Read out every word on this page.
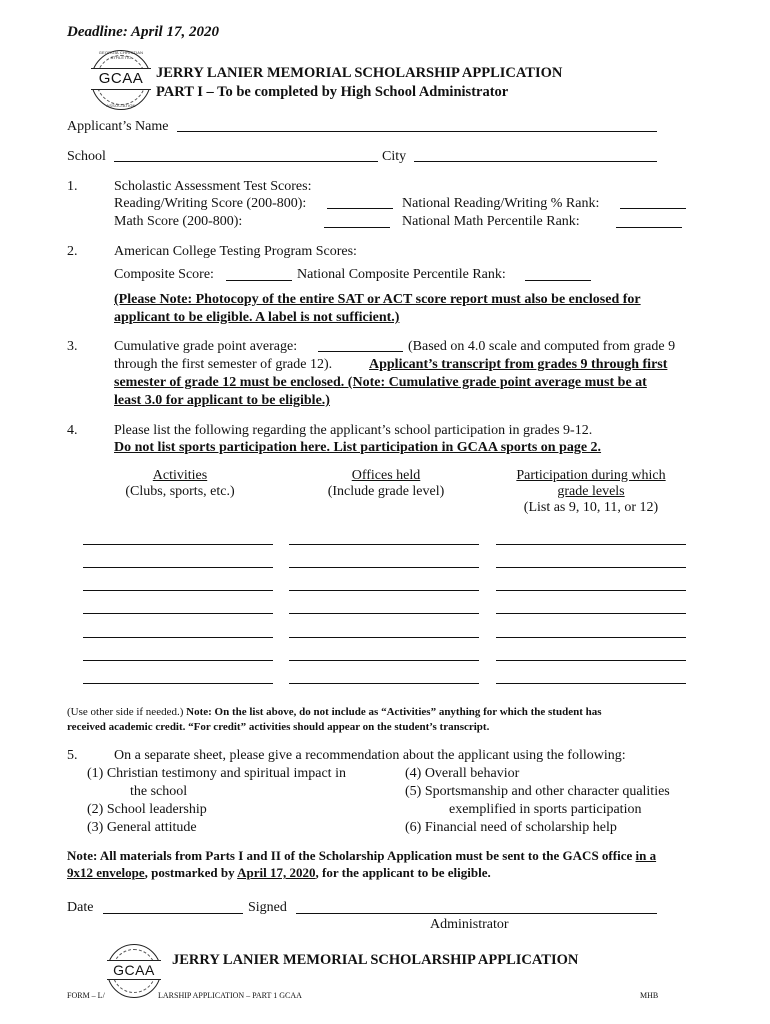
Deadline: April 17, 2020
GEORGIA CHRISTIAN ATHLETIC
GCAA
ASSOCIATION
JERRY LANIER MEMORIAL SCHOLARSHIP APPLICATION
PART I – To be completed by High School Administrator
Applicant’s Name
School	City
1.	Scholastic Assessment Test Scores:
Reading/Writing Score (200-800):	National Reading/Writing % Rank:
Math Score (200-800):	National Math Percentile Rank:
2.	American College Testing Program Scores:
Composite Score:	National Composite Percentile Rank:
(Please Note: Photocopy of the entire SAT or ACT score report must also be enclosed for
applicant to be eligible. A label is not sufficient.)
3.	Cumulative grade point average:	(Based on 4.0 scale and computed from grade 9
through the first semester of grade 12).	Applicant’s transcript from grades 9 through first
semester of grade 12 must be enclosed. (Note: Cumulative grade point average must be at
least 3.0 for applicant to be eligible.)
4.	Please list the following regarding the applicant’s school participation in grades 9-12.
Do not list sports participation here. List participation in GCAA sports on page 2.
Activities
(Clubs, sports, etc.)
Offices held
(Include grade level)
Participation during which
grade levels
(List as 9, 10, 11, or 12)
(Use other side if needed.) Note: On the list above, do not include as “Activities” anything for which the student has
received academic credit. “For credit” activities should appear on the student’s transcript.
5.	On a separate sheet, please give a recommendation about the applicant using the following:
(1) Christian testimony and spiritual impact in
the school
(2) School leadership
(3) General attitude
(4) Overall behavior
(5) Sportsmanship and other character qualities
exemplified in sports participation
(6) Financial need of scholarship help
Note: All materials from Parts I and II of the Scholarship Application must be sent to the GACS office in a
9x12 envelope, postmarked by April 17, 2020, for the applicant to be eligible.
Date	Signed
Administrator
JERRY LANIER MEMORIAL SCHOLARSHIP APPLICATION
FORM – L/	LARSHIP APPLICATION – PART 1 GCAA	MHB
GCAA
